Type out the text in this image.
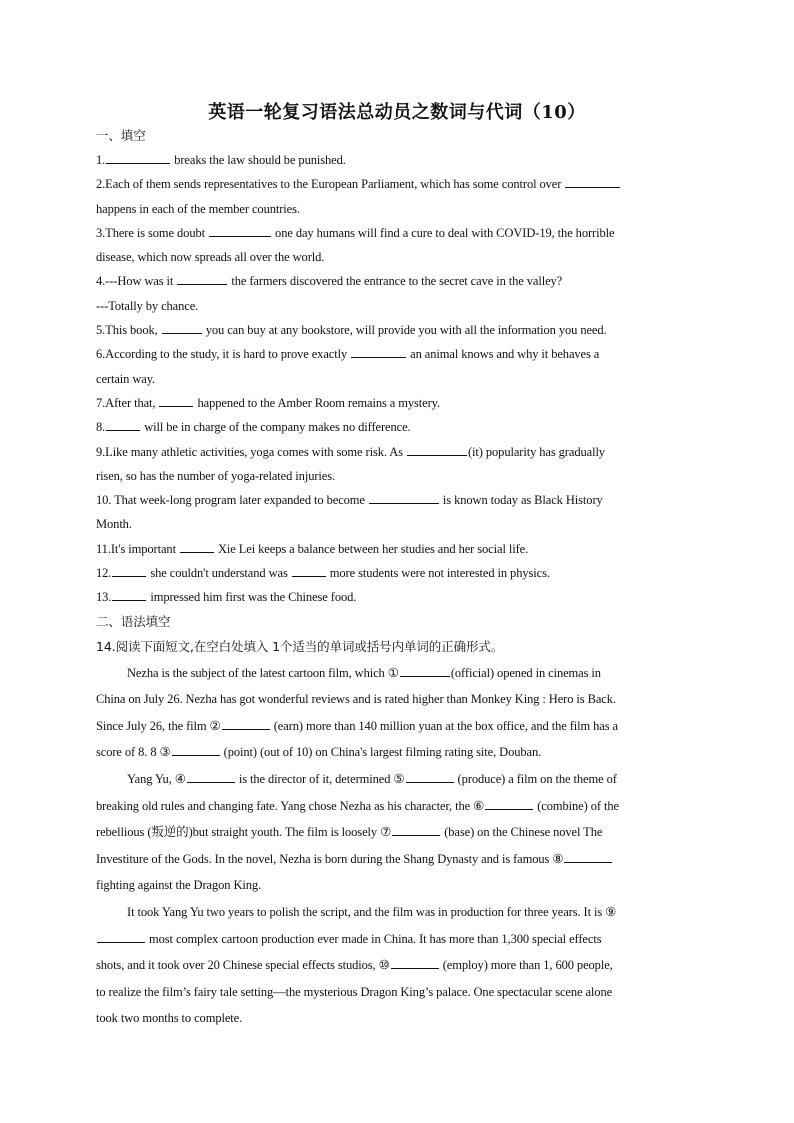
英语一轮复习语法总动员之数词与代词（10）
一、填空
1.	breaks the law should be punished.
2.Each of them sends representatives to the European Parliament, which has some control over
happens in each of the member countries.
3.There is some doubt	one day humans will find a cure to deal with COVID-19, the horrible
disease, which now spreads all over the world.
4.---How was it	the farmers discovered the entrance to the secret cave in the valley?
---Totally by chance.
5.This book,	you can buy at any bookstore, will provide you with all the information you need.
6.According to the study, it is hard to prove exactly	an animal knows and why it behaves a
certain way.
7.After that,	happened to the Amber Room remains a mystery.
8.	will be in charge of the company makes no difference.
9.Like many athletic activities, yoga comes with some risk. As	(it) popularity has gradually
risen, so has the number of yoga-related injuries.
10. That week-long program later expanded to become	is known today as Black History
Month.
11.It's important	Xie Lei keeps a balance between her studies and her social life.
12.	she couldn't understand was	more students were not interested in physics.
13.	impressed him first was the Chinese food.
二、语法填空
14.阅读下面短文,在空白处填入 1个适当的单词或括号内单词的正确形式。
Nezha is the subject of the latest cartoon film, which ①	(official) opened in cinemas in
China on July 26. Nezha has got wonderful reviews and is rated higher than Monkey King : Hero is Back.
Since July 26, the film ②	(earn) more than 140 million yuan at the box office, and the film has a
score of 8. 8 ③	(point) (out of 10) on China's largest filming rating site, Douban.
Yang Yu, ④	is the director of it, determined ⑤	(produce) a film on the theme of
breaking old rules and changing fate. Yang chose Nezha as his character, the ⑥	(combine) of the
rebellious (叛逆的)but straight youth. The film is loosely ⑦	(base) on the Chinese novel The
Investiture of the Gods. In the novel, Nezha is born during the Shang Dynasty and is famous ⑧
fighting against the Dragon King.
It took Yang Yu two years to polish the script, and the film was in production for three years. It is ⑨
most complex cartoon production ever made in China. It has more than 1,300 special effects
shots, and it took over 20 Chinese special effects studios, ⑩	(employ) more than 1, 600 people,
to realize the film’s fairy tale setting—the mysterious Dragon King’s palace. One spectacular scene alone
took two months to complete.
